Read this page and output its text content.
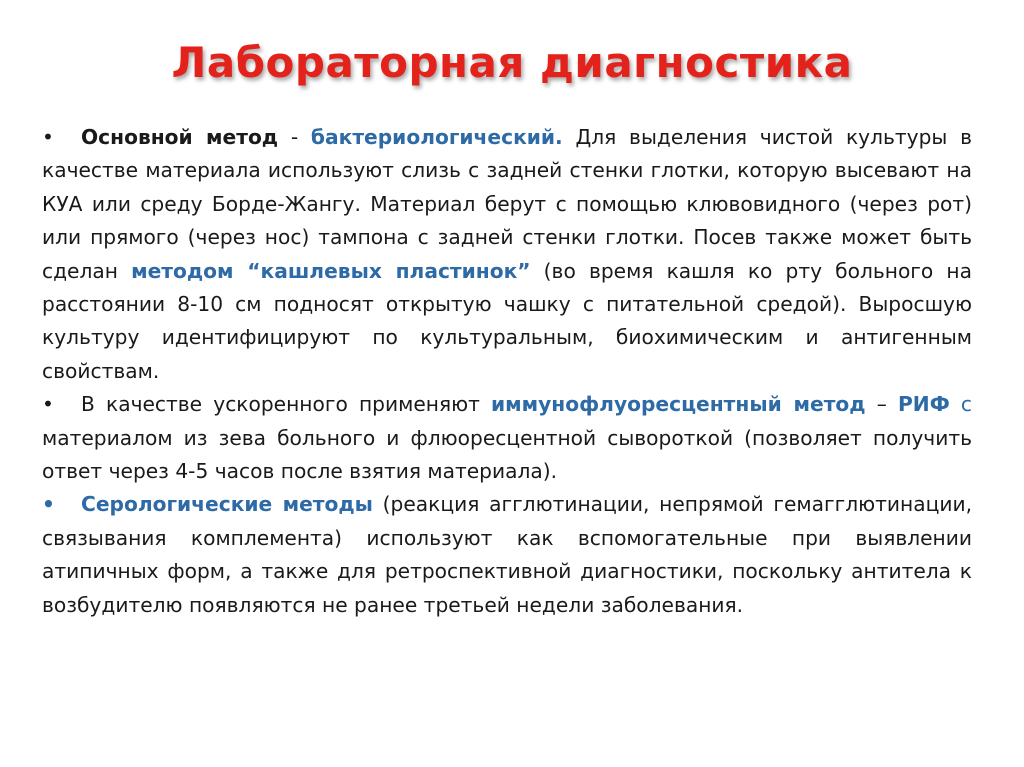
Лабораторная диагностика

• Основной метод - бактериологический. Для выделения чистой культуры в качестве материала используют слизь с задней стенки глотки, которую высевают на КУА или среду Борде-Жангу. Материал берут с помощью клювовидного (через рот) или прямого (через нос) тампона с задней стенки глотки. Посев также может быть сделан методом “кашлевых пластинок” (во время кашля ко рту больного на расстоянии 8-10 см подносят открытую чашку с питательной средой). Выросшую культуру идентифицируют по культуральным, биохимическим и антигенным свойствам.

• В качестве ускоренного применяют иммунофлуоресцентный метод – РИФ с материалом из зева больного и флюоресцентной сывороткой (позволяет получить ответ через 4-5 часов после взятия материала).

• Серологические методы (реакция агглютинации, непрямой гемагглютинации, связывания комплемента) используют как вспомогательные при выявлении атипичных форм, а также для ретроспективной диагностики, поскольку антитела к возбудителю появляются не ранее третьей недели заболевания.
